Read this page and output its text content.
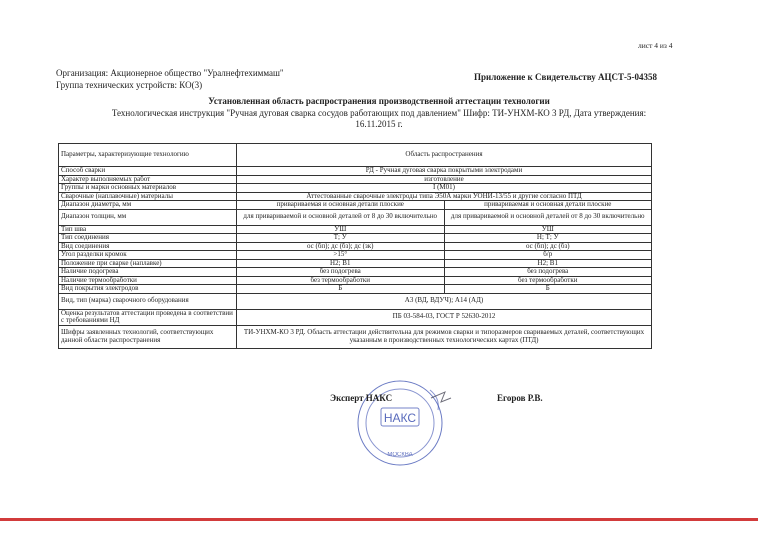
лист 4 из 4
Организация: Акционерное общество "Уралнефтехиммаш"
Группа технических устройств: КО(3)
Приложение к Свидетельству АЦСТ-5-04358
Установленная область распространения производственной аттестации технологии
Технологическая инструкция "Ручная дуговая сварка сосудов работающих под давлением" Шифр: ТИ-УНХМ-КО 3 РД, Дата утверждения:
16.11.2015 г.
Параметры, характеризующие технологию	Область распространения	
Способ сварки	РД - Ручная дуговая сварка покрытыми электродами	
Характер выполняемых работ	изготовление	
Группы и марки основных материалов	I (М01)	
Сварочные (наплавочные) материалы	Аттестованные сварочные электроды типа Э50А марки УОНИ-13/55 и другие согласно ПТД	
Диапазон диаметра, мм	привариваемая и основная детали плоские	привариваемая и основная детали плоские
Диапазон толщин, мм	для привариваемой и основной деталей от 8 до 30 включительно	для привариваемой и основной деталей от 8 до 30 включительно
Тип шва	УШ	УШ
Тип соединения	Т; У	Н; Т; У
Вид соединения	ос (бп); дс (бз); дс (зк)	ос (бп); дс (бз)
Угол разделки кромок	>15°	б/р
Положение при сварке (наплавке)	Н2; В1	Н2; В1
Наличие подогрева	без подогрева	без подогрева
Наличие термообработки	без термообработки	без термообработки
Вид покрытия электродов	Б	Б
Вид, тип (марка) сварочного оборудования	А3 (ВД, ВДУЧ); А14 (АД)	
Оценка результатов аттестации проведена в соответствии с требованиями НД	ПБ 03-584-03, ГОСТ Р 52630-2012	
Шифры заявленных технологий, соответствующих данной области распространения	ТИ-УНХМ-КО 3 РД. Область аттестации действительна для режимов сварки и типоразмеров свариваемых деталей, соответствующих указанным в производственных технологических картах (ПТД)	
НАКС
МОСКВА
Эксперт НАКС	Егоров Р.В.
